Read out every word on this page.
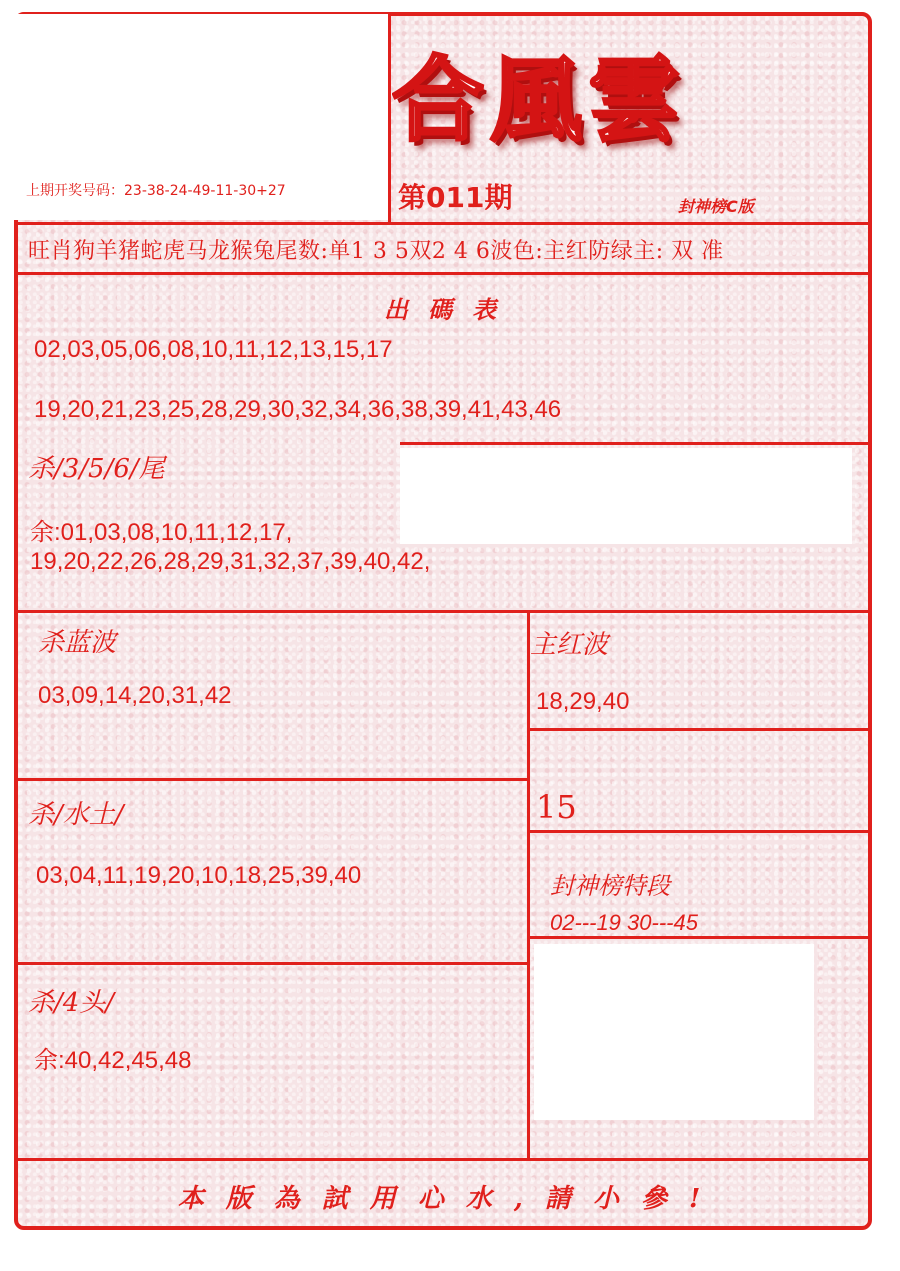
合風雲
上期开奖号码：23-38-24-49-11-30+27	第011期	封神榜C版
旺肖狗羊猪蛇虎马龙猴兔尾数:单1 3 5双2 4 6波色:主红防绿主: 双 准
出碼表
02,03,05,06,08,10,11,12,13,15,17
19,20,21,23,25,28,29,30,32,34,36,38,39,41,43,46
杀/3/5/6/尾
余:01,03,08,10,11,12,17,
19,20,22,26,28,29,31,32,37,39,40,42,
杀蓝波
03,09,14,20,31,42
主红波
18,29,40
杀/水土/
03,04,11,19,20,10,18,25,39,40
15
封神榜特段
02---19 30---45
杀/4头/
余:40,42,45,48
本版為試用心水,請小參!
